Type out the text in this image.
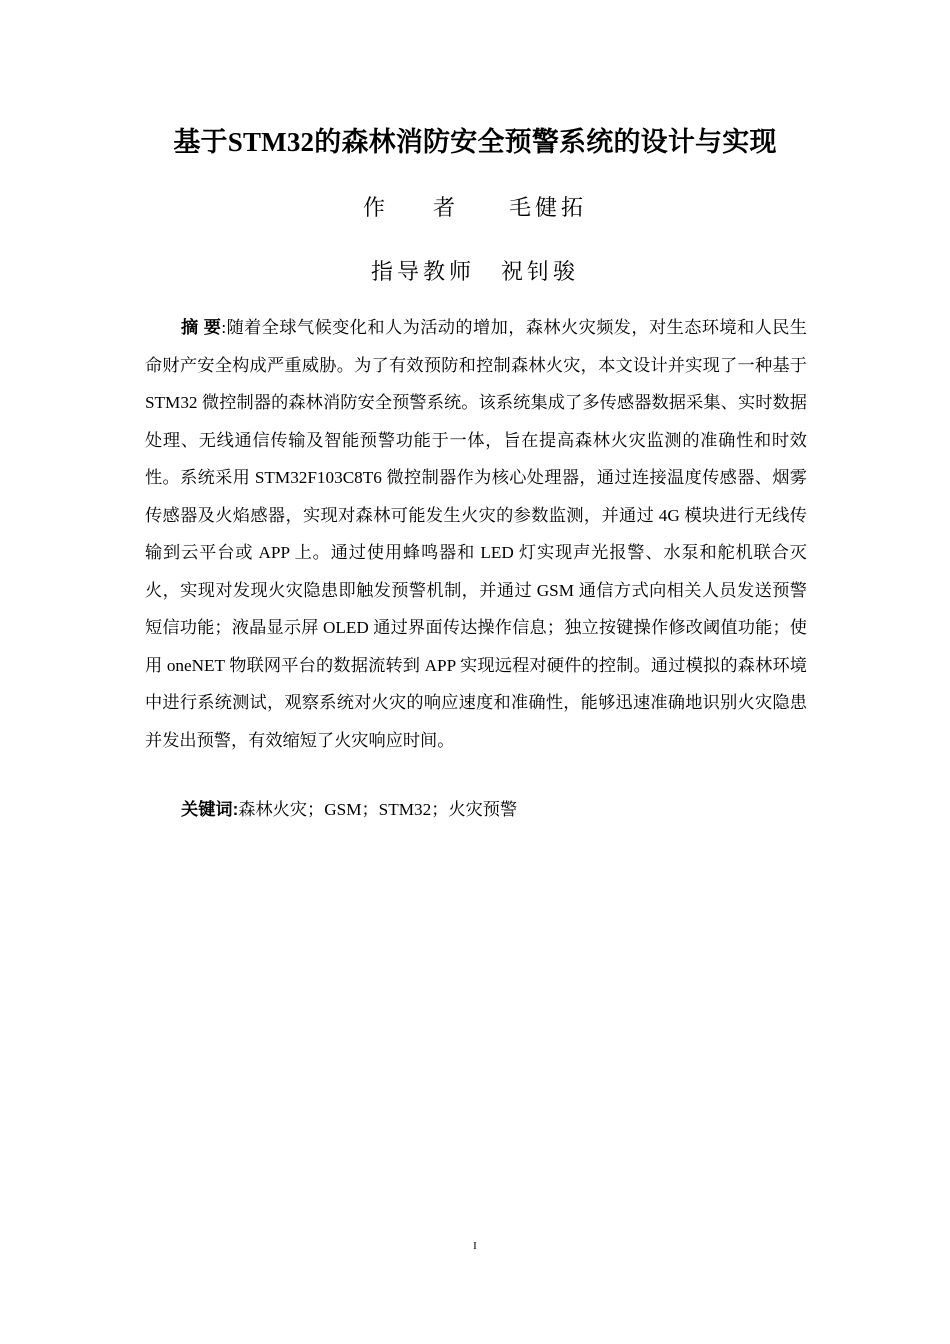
基于STM32的森林消防安全预警系统的设计与实现
作者 毛健拓
指导教师 祝钊骏

摘 要:随着全球气候变化和人为活动的增加，森林火灾频发，对生态环境和人民生命财产安全构成严重威胁。为了有效预防和控制森林火灾，本文设计并实现了一种基于 STM32 微控制器的森林消防安全预警系统。该系统集成了多传感器数据采集、实时数据处理、无线通信传输及智能预警功能于一体，旨在提高森林火灾监测的准确性和时效性。系统采用 STM32F103C8T6 微控制器作为核心处理器，通过连接温度传感器、烟雾传感器及火焰感器，实现对森林可能发生火灾的参数监测，并通过 4G 模块进行无线传输到云平台或 APP 上。通过使用蜂鸣器和 LED 灯实现声光报警、水泵和舵机联合灭火，实现对发现火灾隐患即触发预警机制，并通过 GSM 通信方式向相关人员发送预警短信功能；液晶显示屏 OLED 通过界面传达操作信息；独立按键操作修改阈值功能；使用 oneNET 物联网平台的数据流转到 APP 实现远程对硬件的控制。通过模拟的森林环境中进行系统测试，观察系统对火灾的响应速度和准确性，能够迅速准确地识别火灾隐患并发出预警，有效缩短了火灾响应时间。

关键词:森林火灾；GSM；STM32；火灾预警

I
